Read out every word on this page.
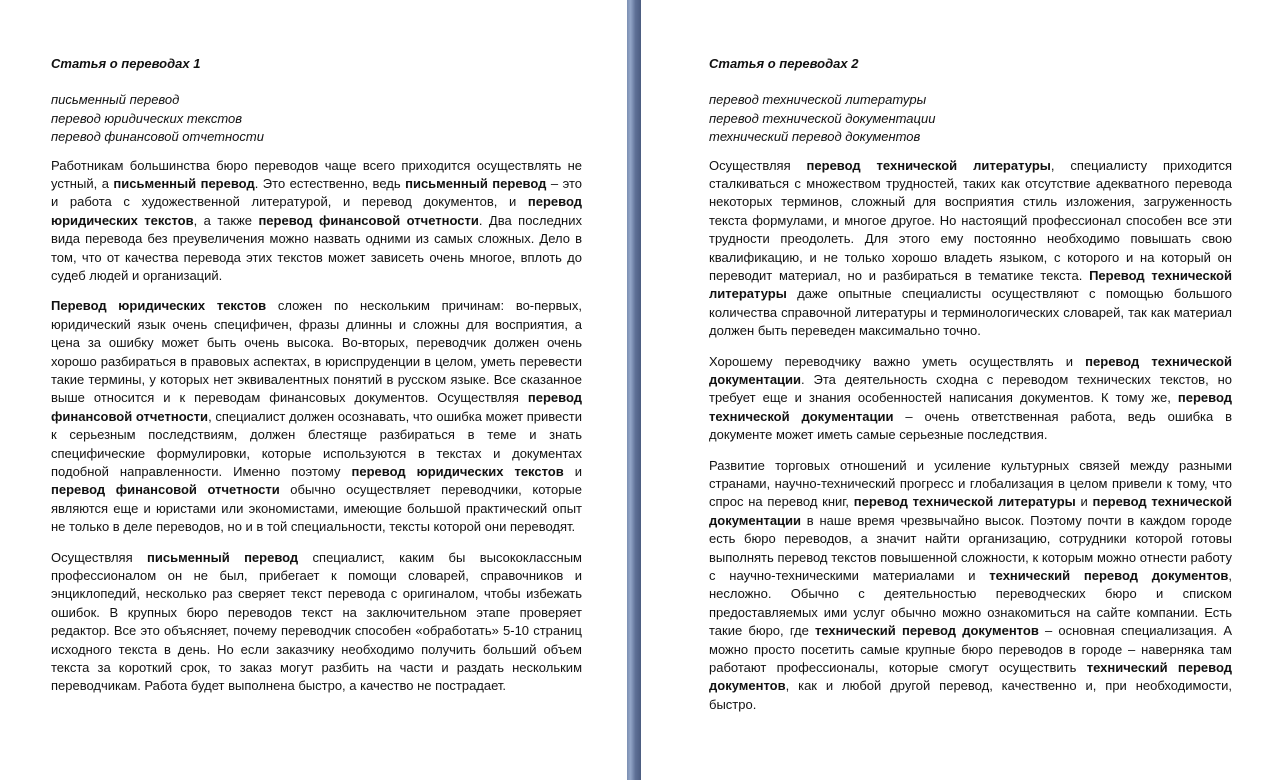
Статья о переводах 1
письменный перевод
перевод юридических текстов
перевод финансовой отчетности

Работникам большинства бюро переводов чаще всего приходится осуществлять не устный, а письменный перевод. Это естественно, ведь письменный перевод – это и работа с художественной литературой, и перевод документов, и перевод юридических текстов, а также перевод финансовой отчетности. Два последних вида перевода без преувеличения можно назвать одними из самых сложных. Дело в том, что от качества перевода этих текстов может зависеть очень многое, вплоть до судеб людей и организаций.

Перевод юридических текстов сложен по нескольким причинам: во-первых, юридический язык очень специфичен, фразы длинны и сложны для восприятия, а цена за ошибку может быть очень высока. Во-вторых, переводчик должен очень хорошо разбираться в правовых аспектах, в юриспруденции в целом, уметь перевести такие термины, у которых нет эквивалентных понятий в русском языке. Все сказанное выше относится и к переводам финансовых документов. Осуществляя перевод финансовой отчетности, специалист должен осознавать, что ошибка может привести к серьезным последствиям, должен блестяще разбираться в теме и знать специфические формулировки, которые используются в текстах и документах подобной направленности. Именно поэтому перевод юридических текстов и перевод финансовой отчетности обычно осуществляет переводчики, которые являются еще и юристами или экономистами, имеющие большой практический опыт не только в деле переводов, но и в той специальности, тексты которой они переводят.

Осуществляя письменный перевод специалист, каким бы высококлассным профессионалом он не был, прибегает к помощи словарей, справочников и энциклопедий, несколько раз сверяет текст перевода с оригиналом, чтобы избежать ошибок. В крупных бюро переводов текст на заключительном этапе проверяет редактор. Все это объясняет, почему переводчик способен «обработать» 5-10 страниц исходного текста в день. Но если заказчику необходимо получить больший объем текста за короткий срок, то заказ могут разбить на части и раздать нескольким переводчикам. Работа будет выполнена быстро, а качество не пострадает.

Статья о переводах 2
перевод технической литературы
перевод технической документации
технический перевод документов

Осуществляя перевод технической литературы, специалисту приходится сталкиваться с множеством трудностей, таких как отсутствие адекватного перевода некоторых терминов, сложный для восприятия стиль изложения, загруженность текста формулами, и многое другое. Но настоящий профессионал способен все эти трудности преодолеть. Для этого ему постоянно необходимо повышать свою квалификацию, и не только хорошо владеть языком, с которого и на который он переводит материал, но и разбираться в тематике текста. Перевод технической литературы даже опытные специалисты осуществляют с помощью большого количества справочной литературы и терминологических словарей, так как материал должен быть переведен максимально точно.

Хорошему переводчику важно уметь осуществлять и перевод технической документации. Эта деятельность сходна с переводом технических текстов, но требует еще и знания особенностей написания документов. К тому же, перевод технической документации – очень ответственная работа, ведь ошибка в документе может иметь самые серьезные последствия.

Развитие торговых отношений и усиление культурных связей между разными странами, научно-технический прогресс и глобализация в целом привели к тому, что спрос на перевод книг, перевод технической литературы и перевод технической документации в наше время чрезвычайно высок. Поэтому почти в каждом городе есть бюро переводов, а значит найти организацию, сотрудники которой готовы выполнять перевод текстов повышенной сложности, к которым можно отнести работу с научно-техническими материалами и технический перевод документов, несложно. Обычно с деятельностью переводческих бюро и списком предоставляемых ими услуг обычно можно ознакомиться на сайте компании. Есть такие бюро, где технический перевод документов – основная специализация. А можно просто посетить самые крупные бюро переводов в городе – наверняка там работают профессионалы, которые смогут осуществить технический перевод документов, как и любой другой перевод, качественно и, при необходимости, быстро.
